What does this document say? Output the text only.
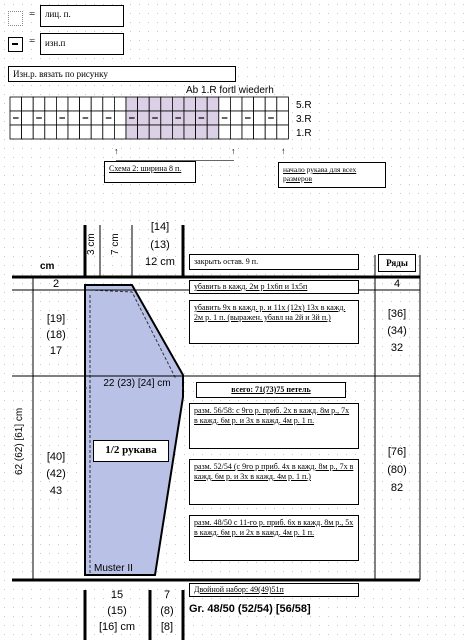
=	лиц. п.
=	изн.п
Изн.р. вязать по рисунку
Ab 1.R fortl wiederh
5.R
3.R
1.R
↑	↑	↑
Схема 2: ширина 8 п.	начало рукава для всех размеров
3 cm 7 cm
[14]
(13)
12 cm
cm	закрыть остав. 9 п.	Ряды
2
[19]
(18)
17
[40]
(42)
43
62 (62) [61] cm
4
[36]
(34)
32
[76]
(80)
82
убавить в кажд. 2м р 1х6п и 1х5п
убавить 9х в кажд. р. и 11х (12х) 13х в кажд. 2м р. 1 п. (выражен. убавл на 2й и 3й п.)
22 (23) [24] cm
всего: 71(73)75 петель
разм. 56/58: с 9го р. приб. 2х в кажд. 8м р., 7х в кажд. 6м р. и 3х в кажд. 4м р. 1 п.
разм. 52/54 (с 9го р приб. 4х в кажд. 8м р., 7х в кажд. 6м р. и 3х в кажд. 4м р. 1 п.)
разм. 48/50 с 11-го р. приб. 6х в кажд. 8м р., 5х в кажд. 6м р. и 2х в кажд. 4м р. 1 п.
1/2 рукава
Muster II
Двойной набор: 49(49)51п
15
(15)
[16] cm
7
(8)
[8]
Gr. 48/50 (52/54) [56/58]
